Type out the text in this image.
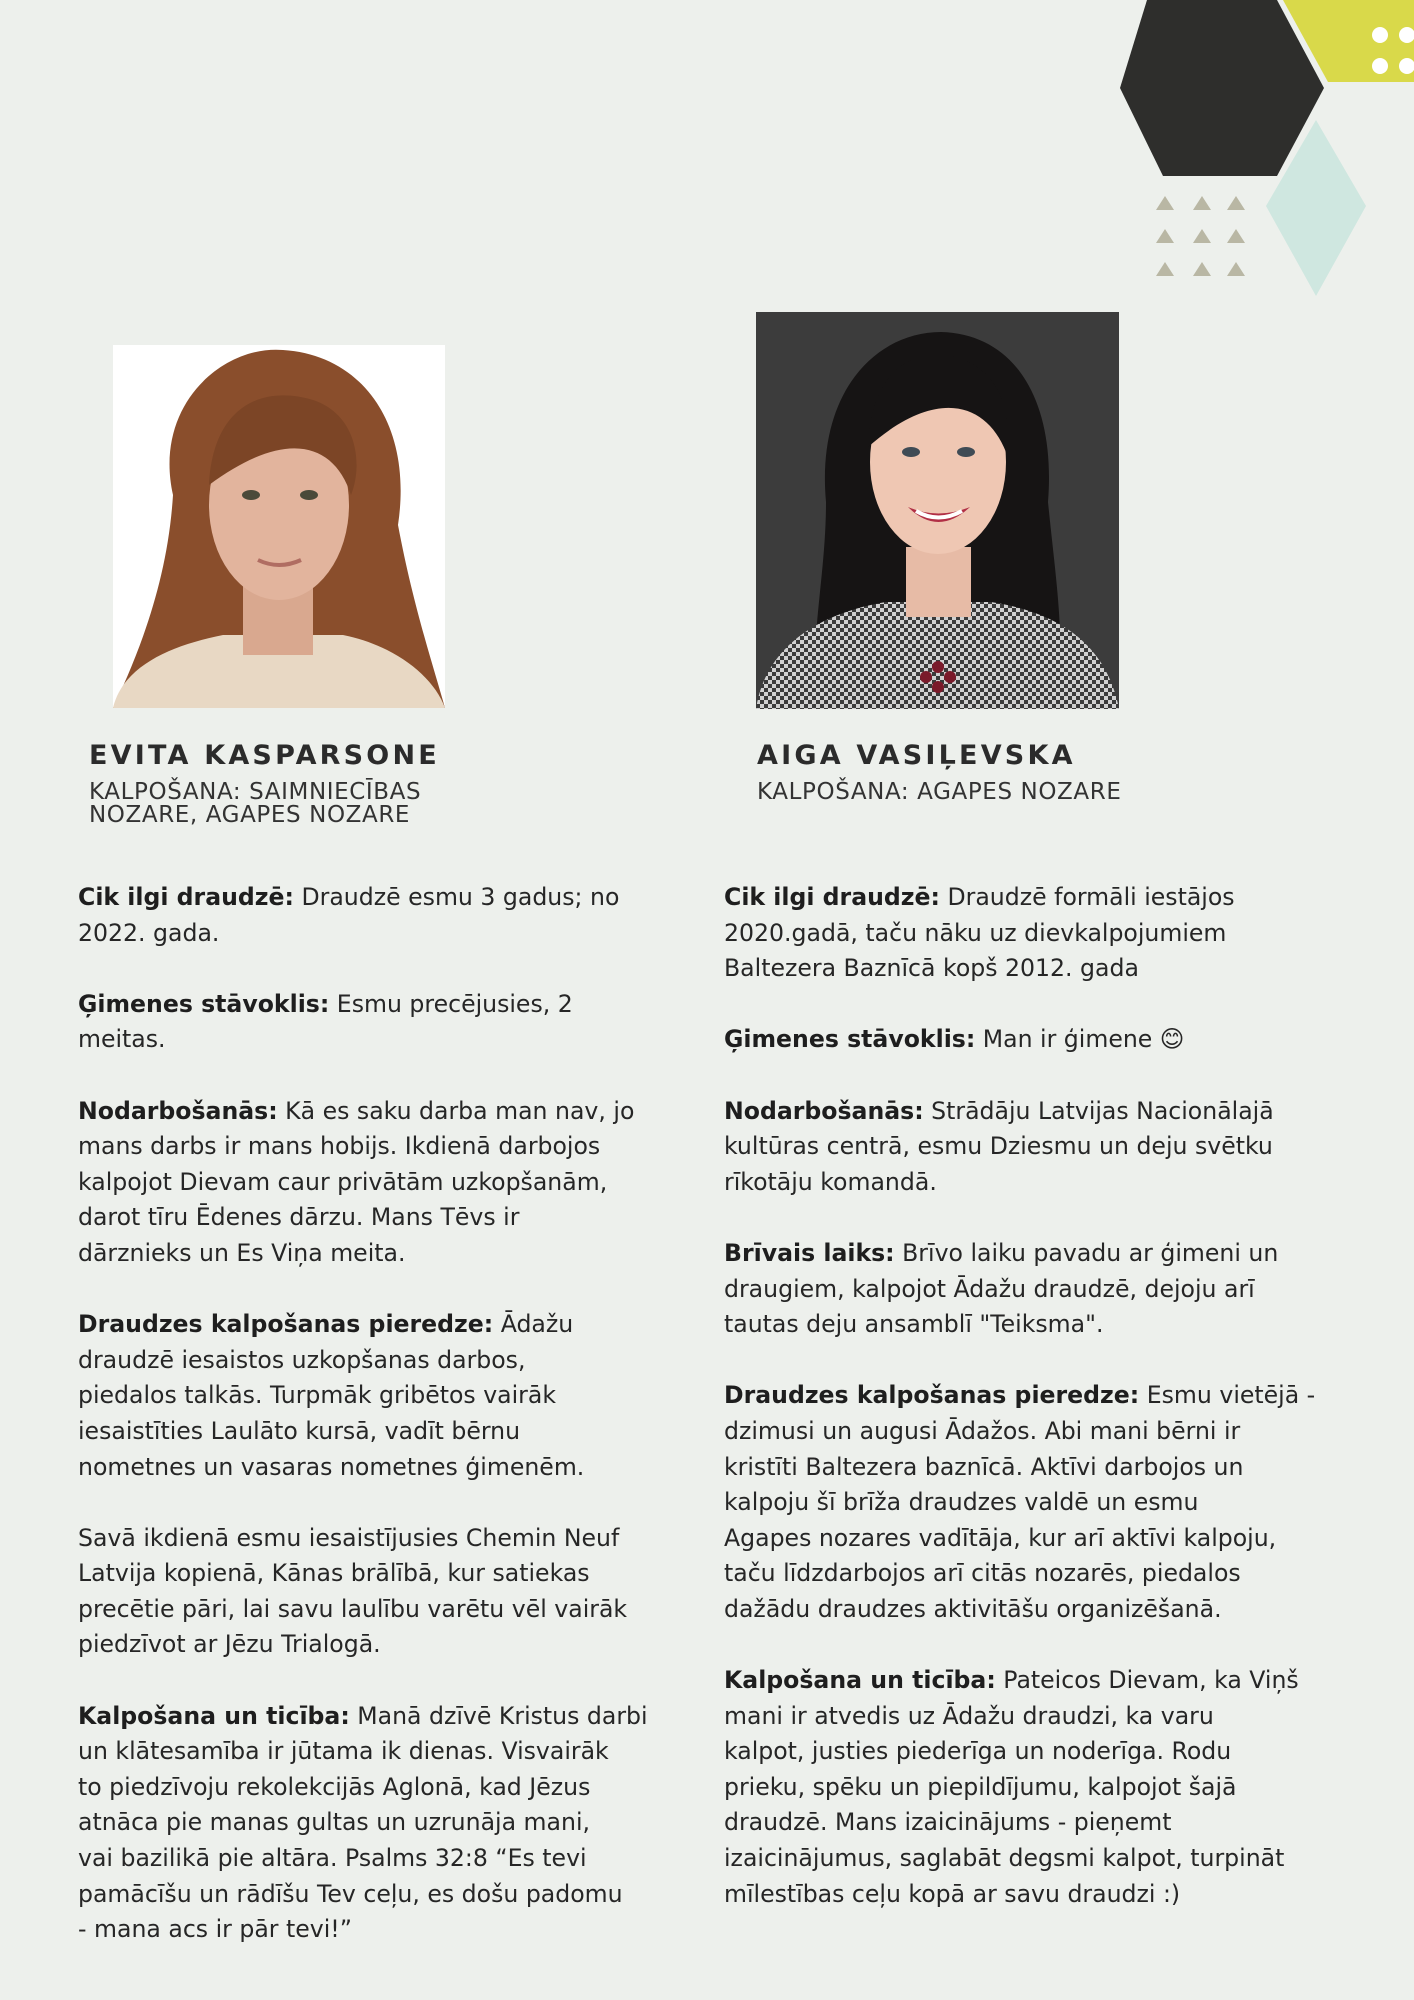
EVITA KASPARSONE
KALPOŠANA: SAIMNIECĪBAS
NOZARE, AGAPES NOZARE
AIGA VASIĻEVSKA
KALPOŠANA: AGAPES NOZARE
Cik ilgi draudzē: Draudzē esmu 3 gadus; no
2022. gada.
Ģimenes stāvoklis: Esmu precējusies, 2
meitas.
Nodarbošanās: Kā es saku darba man nav, jo
mans darbs ir mans hobijs. Ikdienā darbojos
kalpojot Dievam caur privātām uzkopšanām,
darot tīru Ēdenes dārzu. Mans Tēvs ir
dārznieks un Es Viņa meita.
Draudzes kalpošanas pieredze: Ādažu
draudzē iesaistos uzkopšanas darbos,
piedalos talkās. Turpmāk gribētos vairāk
iesaistīties Laulāto kursā, vadīt bērnu
nometnes un vasaras nometnes ģimenēm.
Savā ikdienā esmu iesaistījusies Chemin Neuf
Latvija kopienā, Kānas brālībā, kur satiekas
precētie pāri, lai savu laulību varētu vēl vairāk
piedzīvot ar Jēzu Trialogā.
Kalpošana un ticība: Manā dzīvē Kristus darbi
un klātesamība ir jūtama ik dienas. Visvairāk
to piedzīvoju rekolekcijās Aglonā, kad Jēzus
atnāca pie manas gultas un uzrunāja mani,
vai bazilikā pie altāra. Psalms 32:8 “Es tevi
pamācīšu un rādīšu Tev ceļu, es došu padomu
- mana acs ir pār tevi!”
Cik ilgi draudzē: Draudzē formāli iestājos
2020.gadā, taču nāku uz dievkalpojumiem
Baltezera Baznīcā kopš 2012. gada
Ģimenes stāvoklis: Man ir ģimene 😊
Nodarbošanās: Strādāju Latvijas Nacionālajā
kultūras centrā, esmu Dziesmu un deju svētku
rīkotāju komandā.
Brīvais laiks: Brīvo laiku pavadu ar ģimeni un
draugiem, kalpojot Ādažu draudzē, dejoju arī
tautas deju ansamblī "Teiksma".
Draudzes kalpošanas pieredze: Esmu vietējā -
dzimusi un augusi Ādažos. Abi mani bērni ir
kristīti Baltezera baznīcā. Aktīvi darbojos un
kalpoju šī brīža draudzes valdē un esmu
Agapes nozares vadītāja, kur arī aktīvi kalpoju,
taču līdzdarbojos arī citās nozarēs, piedalos
dažādu draudzes aktivitāšu organizēšanā.
Kalpošana un ticība: Pateicos Dievam, ka Viņš
mani ir atvedis uz Ādažu draudzi, ka varu
kalpot, justies piederīga un noderīga. Rodu
prieku, spēku un piepildījumu, kalpojot šajā
draudzē. Mans izaicinājums - pieņemt
izaicinājumus, saglabāt degsmi kalpot, turpināt
mīlestības ceļu kopā ar savu draudzi :)
